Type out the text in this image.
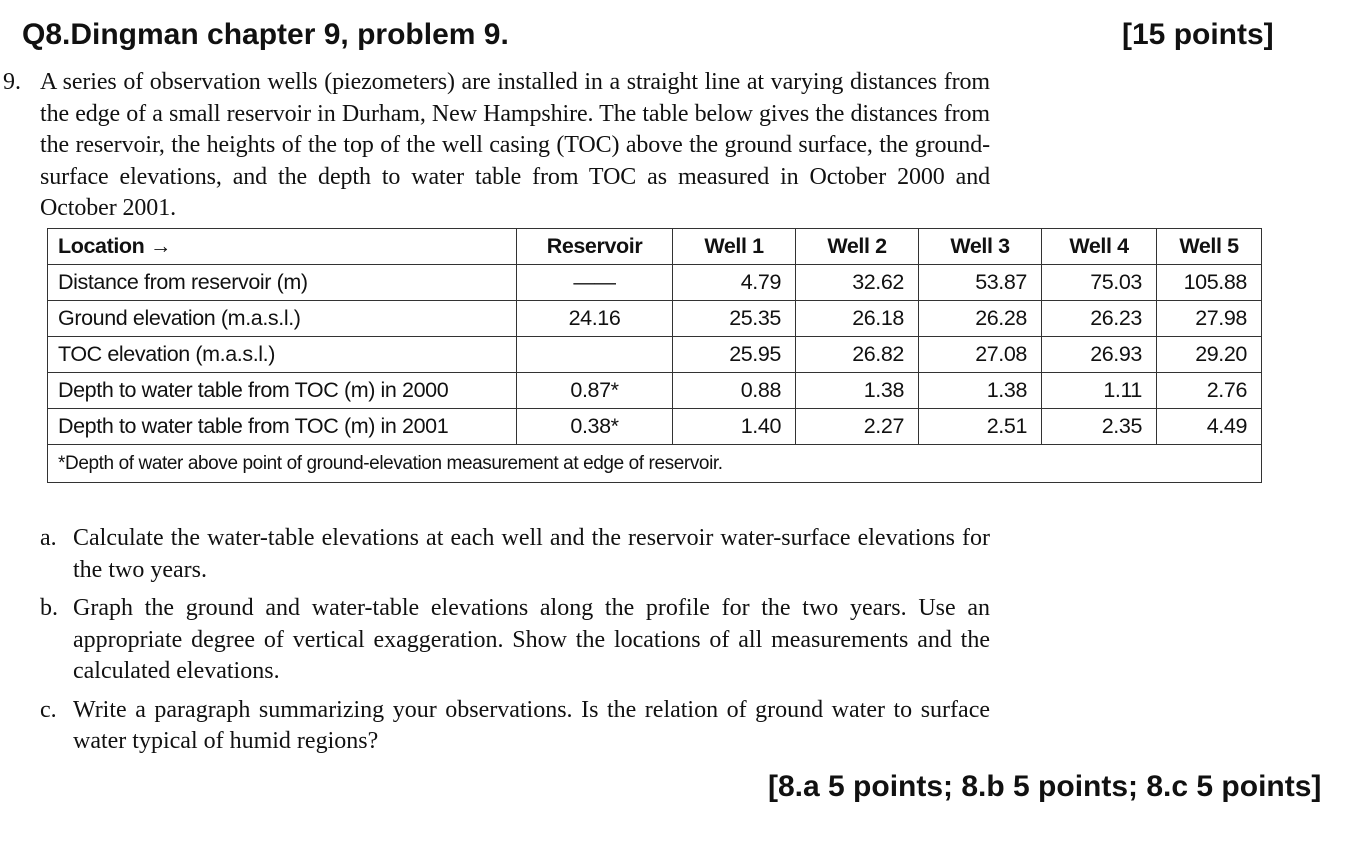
Q8.Dingman chapter 9, problem 9.	[15 points]
9. A series of observation wells (piezometers) are installed in a straight line at varying distances from the edge of a small reservoir in Durham, New Hampshire. The table below gives the distances from the reservoir, the heights of the top of the well casing (TOC) above the ground surface, the ground-surface elevations, and the depth to water table from TOC as measured in October 2000 and October 2001.
Location →	Reservoir	Well 1	Well 2	Well 3	Well 4	Well 5
Distance from reservoir (m)	——	4.79	32.62	53.87	75.03	105.88
Ground elevation (m.a.s.l.)	24.16	25.35	26.18	26.28	26.23	27.98
TOC elevation (m.a.s.l.)		25.95	26.82	27.08	26.93	29.20
Depth to water table from TOC (m) in 2000	0.87*	0.88	1.38	1.38	1.11	2.76
Depth to water table from TOC (m) in 2001	0.38*	1.40	2.27	2.51	2.35	4.49
*Depth of water above point of ground-elevation measurement at edge of reservoir.						
a. Calculate the water-table elevations at each well and the reservoir water-surface elevations for the two years.
b. Graph the ground and water-table elevations along the profile for the two years. Use an appropriate degree of vertical exaggeration. Show the locations of all measurements and the calculated elevations.
c. Write a paragraph summarizing your observations. Is the relation of ground water to surface water typical of humid regions?
[8.a 5 points; 8.b 5 points; 8.c 5 points]
